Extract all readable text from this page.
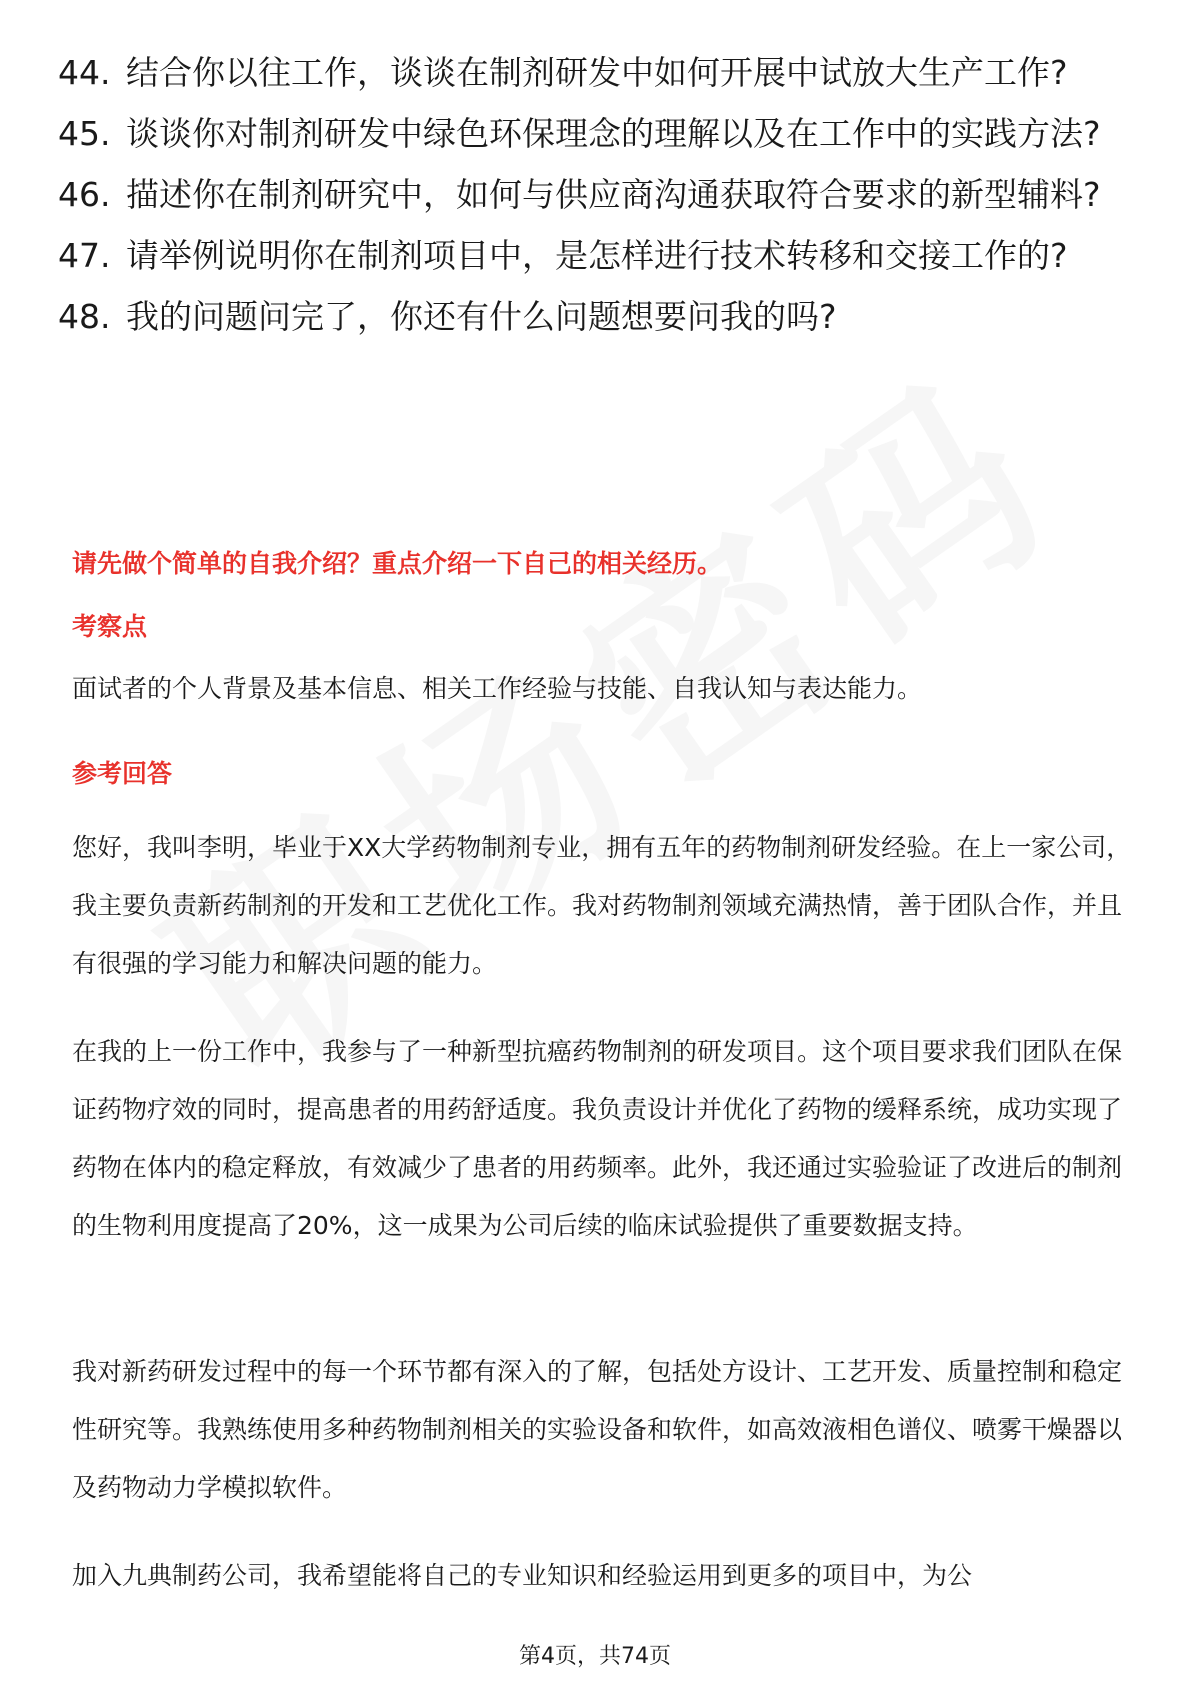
44. 结合你以往工作，谈谈在制剂研发中如何开展中试放大生产工作?
45. 谈谈你对制剂研发中绿色环保理念的理解以及在工作中的实践方法?
46. 描述你在制剂研究中，如何与供应商沟通获取符合要求的新型辅料?
47. 请举例说明你在制剂项目中，是怎样进行技术转移和交接工作的?
48. 我的问题问完了，你还有什么问题想要问我的吗?

请先做个简单的自我介绍？重点介绍一下自己的相关经历。

考察点

面试者的个人背景及基本信息、相关工作经验与技能、自我认知与表达能力。

参考回答

您好，我叫李明，毕业于XX大学药物制剂专业，拥有五年的药物制剂研发经验。在上一家公司，我主要负责新药制剂的开发和工艺优化工作。我对药物制剂领域充满热情，善于团队合作，并且有很强的学习能力和解决问题的能力。

在我的上一份工作中，我参与了一种新型抗癌药物制剂的研发项目。这个项目要求我们团队在保证药物疗效的同时，提高患者的用药舒适度。我负责设计并优化了药物的缓释系统，成功实现了药物在体内的稳定释放，有效减少了患者的用药频率。此外，我还通过实验验证了改进后的制剂的生物利用度提高了20%，这一成果为公司后续的临床试验提供了重要数据支持。

我对新药研发过程中的每一个环节都有深入的了解，包括处方设计、工艺开发、质量控制和稳定性研究等。我熟练使用多种药物制剂相关的实验设备和软件，如高效液相色谱仪、喷雾干燥器以及药物动力学模拟软件。

加入九典制药公司，我希望能将自己的专业知识和经验运用到更多的项目中，为公

第4页，共74页
